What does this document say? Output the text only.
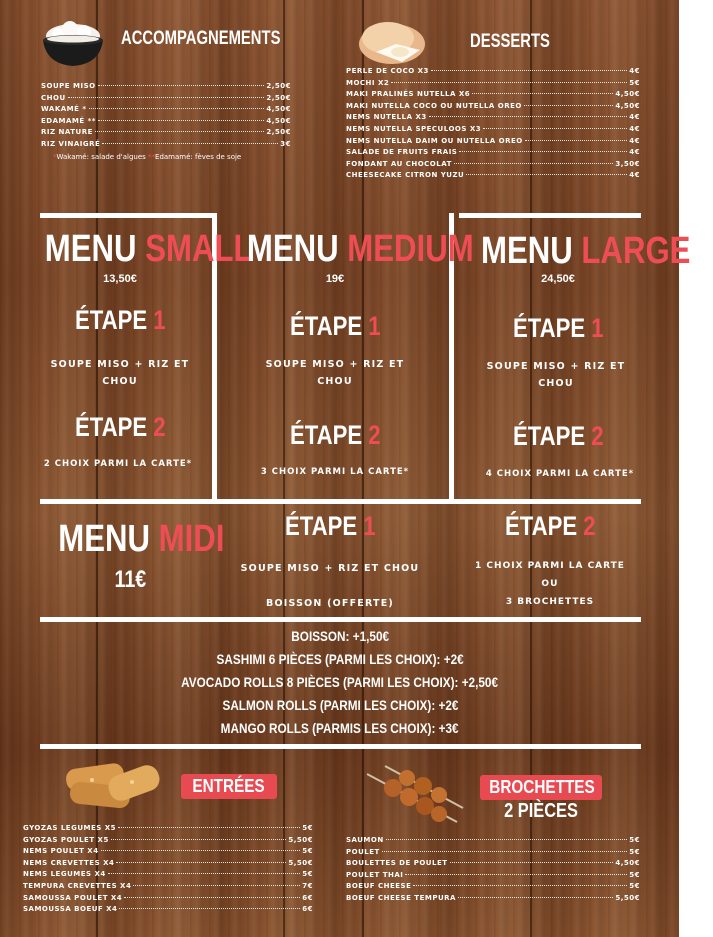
ACCOMPAGNEMENTS
SOUPE MISO	2,50€
CHOU	2,50€
WAKAMÉ *	4,50€
EDAMAMÉ **	4,50€
RIZ NATURE	2,50€
RIZ VINAIGRÉ	3€
*Wakamé: salade d'algues **Edamamé: fèves de soje
DESSERTS
PERLE DE COCO X3	4€
MOCHI X2	5€
MAKI PRALINÉS NUTELLA X6	4,50€
MAKI NUTELLA COCO OU NUTELLA OREO	4,50€
NEMS NUTELLA X3	4€
NEMS NUTELLA SPECULOOS X3	4€
NEMS NUTELLA DAIM OU NUTELLA OREO	4€
SALADE DE FRUITS FRAIS	4€
FONDANT AU CHOCOLAT	3,50€
CHEESECAKE CITRON YUZU	4€
MENU SMALL
13,50€
ÉTAPE 1
SOUPE MISO + RIZ ET CHOU
ÉTAPE 2
2 CHOIX PARMI LA CARTE*
MENU MEDIUM
19€
ÉTAPE 1
SOUPE MISO + RIZ ET CHOU
ÉTAPE 2
3 CHOIX PARMI LA CARTE*
MENU LARGE
24,50€
ÉTAPE 1
SOUPE MISO + RIZ ET CHOU
ÉTAPE 2
4 CHOIX PARMI LA CARTE*
MENU MIDI
11€
ÉTAPE 1
SOUPE MISO + RIZ ET CHOU
BOISSON (OFFERTE)
ÉTAPE 2
1 CHOIX PARMI LA CARTE
OU
3 BROCHETTES
BOISSON: +1,50€
SASHIMI 6 PIÈCES (PARMI LES CHOIX): +2€
AVOCADO ROLLS 8 PIÈCES (PARMI LES CHOIX): +2,50€
SALMON ROLLS (PARMI LES CHOIX): +2€
MANGO ROLLS (PARMIS LES CHOIX): +3€
ENTRÉES
GYOZAS LEGUMES X5	5€
GYOZAS POULET X5	5,50€
NEMS POULET X4	5€
NEMS CREVETTES X4	5,50€
NEMS LEGUMES X4	5€
TEMPURA CREVETTES X4	7€
SAMOUSSA POULET X4	6€
SAMOUSSA BOEUF X4	6€
BROCHETTES
2 PIÈCES
SAUMON	5€
POULET	5€
BOULETTES DE POULET	4,50€
POULET THAI	5€
BOEUF CHEESE	5€
BOEUF CHEESE TEMPURA	5,50€
